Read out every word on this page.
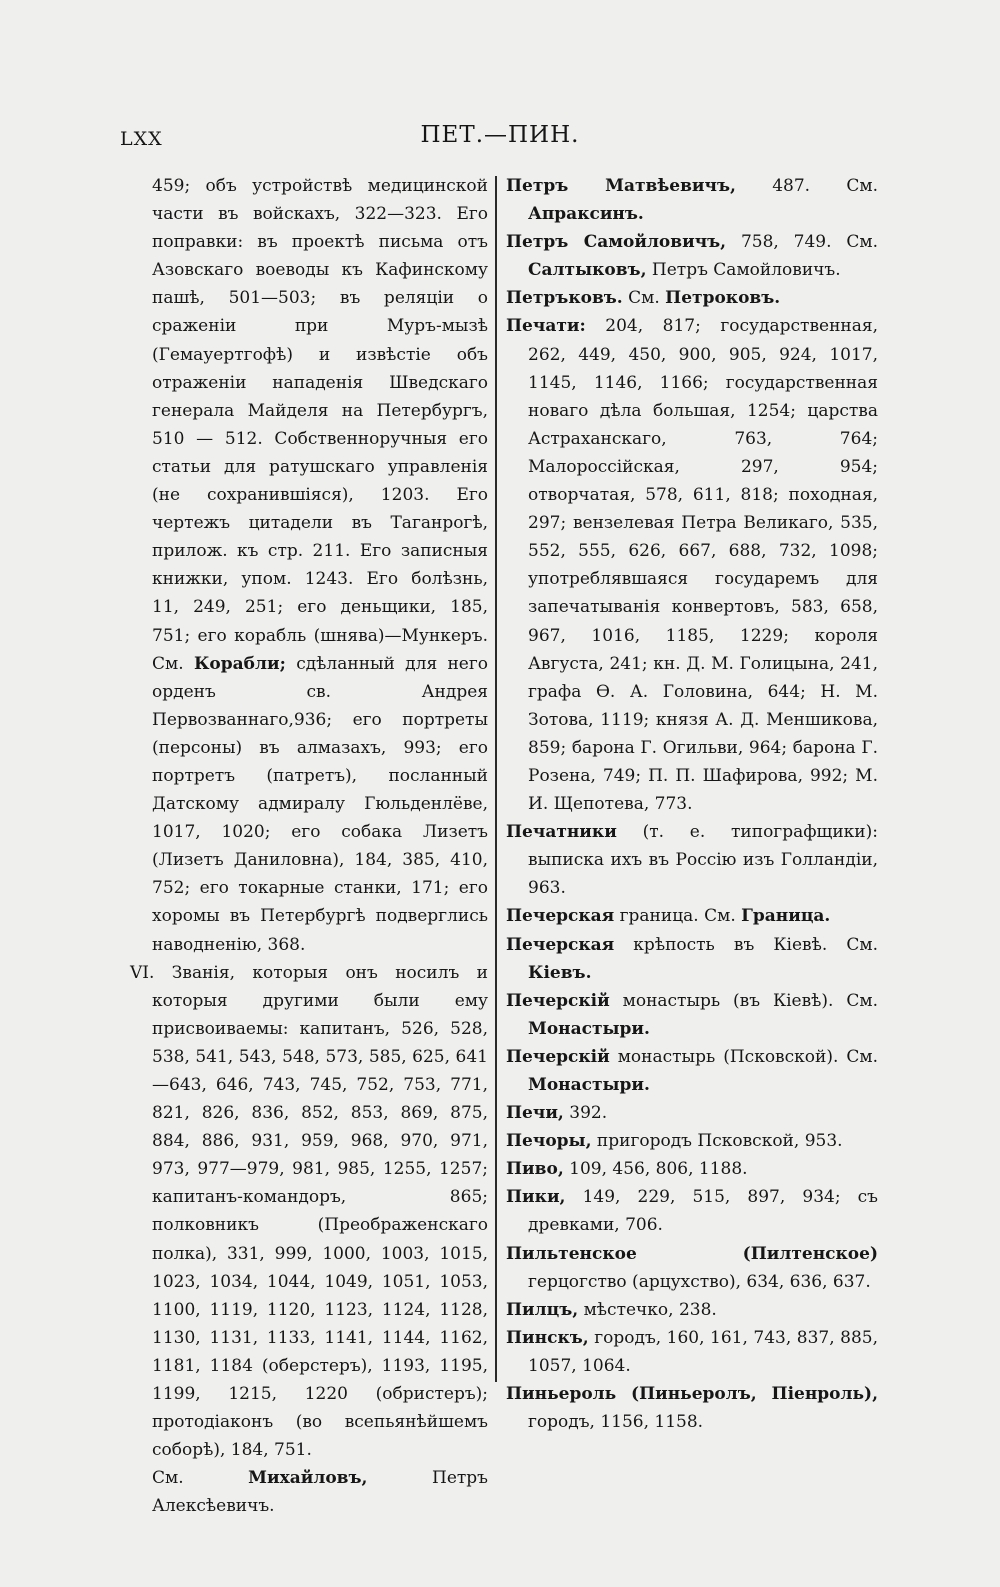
LXX	ПЕТ.—ПИН.

459; объ устройствѣ медицинской части въ войскахъ, 322—323. Его поправки: въ проектѣ письма отъ Азовскаго воеводы къ Кафинскому пашѣ, 501—503; въ реляціи о сраженіи при Муръ-мызѣ (Гемауертгофѣ) и извѣстіе объ отраженіи нападенія Шведскаго генерала Майделя на Петербургъ, 510 — 512. Собственноручныя его статьи для ратушскаго управленія (не сохранившіяся), 1203. Его чертежъ цитадели въ Таганрогѣ, прилож. къ стр. 211. Его записныя книжки, упом. 1243. Его болѣзнь, 11, 249, 251; его деньщики, 185, 751; его корабль (шнява)—Мункеръ. См. Корабли; сдѣланный для него орденъ св. Андрея Первозваннаго,936; его портреты (персоны) въ алмазахъ, 993; его портретъ (патретъ), посланный Датскому адмиралу Гюльденлёве, 1017, 1020; его собака Лизетъ (Лизетъ Даниловна), 184, 385, 410, 752; его токарные станки, 171; его хоромы въ Петербургѣ подверглись наводненію, 368.

VI. Званія, которыя онъ носилъ и которыя другими были ему присвоиваемы: капитанъ, 526, 528, 538, 541, 543, 548, 573, 585, 625, 641—643, 646, 743, 745, 752, 753, 771, 821, 826, 836, 852, 853, 869, 875, 884, 886, 931, 959, 968, 970, 971, 973, 977—979, 981, 985, 1255, 1257; капитанъ-командоръ, 865; полковникъ (Преображенскаго полка), 331, 999, 1000, 1003, 1015, 1023, 1034, 1044, 1049, 1051, 1053, 1100, 1119, 1120, 1123, 1124, 1128, 1130, 1131, 1133, 1141, 1144, 1162, 1181, 1184 (оберстеръ), 1193, 1195, 1199, 1215, 1220 (обристеръ); протодіаконъ (во всепьянѣйшемъ соборѣ), 184, 751.

См.	Михайловъ,	Петръ Алексѣевичъ.

Петръ Матвѣевичъ, 487. См. Апраксинъ.

Петръ Самойловичъ, 758, 749. См. Салтыковъ, Петръ Самойловичъ.

Петръковъ. См. Петроковъ.

Печати: 204, 817; государственная, 262, 449, 450, 900, 905, 924, 1017, 1145, 1146, 1166; государственная новаго дѣла большая, 1254; царства Астраханскаго, 763, 764; Малороссійская, 297, 954; отворчатая, 578, 611, 818; походная, 297; вензелевая Петра Великаго, 535, 552, 555, 626, 667, 688, 732, 1098; употреблявшаяся государемъ для запечатыванія конвертовъ, 583, 658, 967, 1016, 1185, 1229; короля Августа, 241; кн. Д. М. Голицына, 241, графа Ѳ. А. Головина, 644; Н. М. Зотова, 1119; князя А. Д. Меншикова, 859; барона Г. Огильви, 964; барона Г. Розена, 749; П. П. Шафирова, 992; М. И. Щепотева, 773.

Печатники (т. е. типографщики): выписка ихъ въ Россію изъ Голландіи, 963.

Печерская граница. См. Граница.

Печерская крѣпость въ Кіевѣ. См. Кіевъ.

Печерскій монастырь (въ Кіевѣ). См. Монастыри.

Печерскій монастырь (Псковской). См. Монастыри.

Печи, 392.

Печоры, пригородъ Псковской, 953.

Пиво, 109, 456, 806, 1188.

Пики, 149, 229, 515, 897, 934; съ древками, 706.

Пильтенское (Пилтенское) герцогство (арцухство), 634, 636, 637.

Пилцъ, мѣстечко, 238.

Пинскъ, городъ, 160, 161, 743, 837, 885, 1057, 1064.

Пиньероль (Пиньеролъ, Піенроль), городъ, 1156, 1158.
